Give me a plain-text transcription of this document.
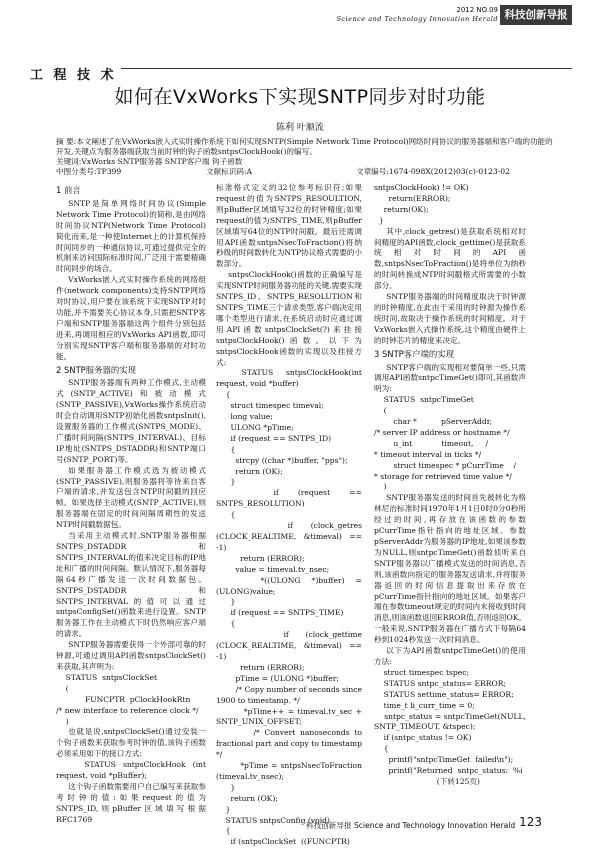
2012 NO.09
Science and Technology Innovation Herald 科技创新导报
工 程 技 术
如何在VxWorks下实现SNTP同步对时功能
陈利 叶顺流

摘 要:本文阐述了在VxWorks嵌入式实时操作系统下如何实现SNTP(Simple Network Time Protocol)网络时间协议的服务器端和客户端的功能的开发,关键点为服务器端获取当前时钟的钩子函数sntpsClockHook()的编写。

关键词:VxWorks SNTP服务器 SNTP客户端 钩子函数

中图分类号:TP399	文献标识码:A	文章编号:1674-098X(2012)03(c)-0123-02
1 前言

SNTP是简单网络时间协议(Simple Network Time Protocol)的简称,是由网络时间协议NTP(Network Time Protocol)简化而来,是一种使Internet上的计算机保持时间同步的一种通信协议,可通过提供完全的机制来访问国际标准时间,广泛用于需要精确时间同步的场合。

VxWorks嵌入式实时操作系统的网络组件(network components)支持SNTP网络对时协议,用户要在该系统下实现SNTP对时功能,并不需要关心协议本身,只需把SNTP客户端和SNTP服务器端这两个组件分别包括进来,再调用相应的VxWorks API函数,即可分别实现SNTP客户端和服务器端的对时功能。

2 SNTP服务器的实现

SNTP服务器端有两种工作模式,主动模式(SNTP_ACTIVE)和被动模式(SNTP_PASSIVE),VxWorks操作系统启动时会自动调用SNTP初始化函数sntpsInit(),设置服务器的工作模式(SNTPS_MODE)、广播时间间隔(SNTPS_INTERVAL)、目标IP地址(SNTPS_DSTADDR)和SNTP端口号(SNTP_PORT)等。

如果服务器工作模式选为被动模式(SNTP_PASSIVE),则服务器将等待来自客户端的请求,并发送包含NTP时间戳的回应帧。如果选择主动模式(SNTP_ACTIVE),则服务器端在固定的时间间隔周期性的发送NTP时间戳数据包。

当采用主动模式时,SNTP服务器根据SNTPS_DSTADDR和SNTPS_INTERVAL的值来决定目标的IP地址和广播的时间间隔。默认情况下,服务器每隔64秒广播发送一次时间数据包。SNTPS_DSTADDR和SNTPS_INTERVAL的值可以通过sntpsConfigSet()函数来进行设置。SNTP服务器工作在主动模式下时仍然响应客户端的请求。

SNTP服务器需要获得一个外部可靠的时钟源,可通过调用API函数sntpsClockSet()来获取,其声明为:

STATUS  sntpsClockSet
(
FUNCPTR  pClockHookRtn
/* new interface to reference clock */
)

也就是说,sntpsClockSet()通过安装一个钩子函数来获取参考时钟的值,该钩子函数必须采用如下的接口方式:

STATUS sntpsClockHook (int request, void *pBuffer);

这个钩子函数需要用户自己编写来获取参考时钟的值:如果request的值为SNTPS_ID,则pBuffer区域填写根据RFC1769

标准格式定义的32位参考标识符;如果request的值为SNTPS_RESOULTION,则pBuffer区域填写32位的时钟精度;如果request的值为SNTPS_TIME,则pBuffer区域填写64位的NTP时间戳。最后还需调用API函数sntpsNsecToFraction()将纳秒级的时间数转化为NTP协议格式需要的小数部分。

sntpsClockHook()函数的正确编写是实现SNTP时间服务器功能的关键,需要实现SNTPS_ID、SNTPS_RESOLUTION和SNTPS_TIME三个请求类型,客户端决定用哪个类型进行请求,在系统启动时应通过调用API函数sntpsClockSet(?)来挂接sntpsClockHook()函数。以下为sntpsClockHook函数的实现以及挂接方式:

STATUS  sntpsClockHook(int request, void *buffer)
{
struct timespec timeval;
long value;
ULONG *pTime;
if (request == SNTPS_ID)
{
strcpy ((char *)buffer, "pps");
return (OK);
}
if  (request  ==  SNTPS_RESOLUTION)
{
if  (clock_getres (CLOCK_REALTIME, &timeval) == -1)
return (ERROR);
value = timeval.tv_nsec;
*((ULONG  *)buffer)  = (ULONG)value;
}
if (request == SNTPS_TIME)
{
if  (clock_gettime (CLOCK_REALTIME, &timeval) == -1)
return (ERROR);
pTime = (ULONG *)buffer;
/* Copy number of seconds since 1900 to timestamp. */
*pTime++ = timeval.tv_sec + SNTP_UNIX_OFFSET;
/* Convert nanoseconds to fractional part and copy to timestamp */
*pTime = sntpsNsecToFraction (timeval.tv_nsec);
}
return (OK);
}
STATUS sntpsConfig (void)
{
if (sntpsClockSet  ((FUNCPTR)
sntpsClockHook) != OK)
return(ERROR);
return(OK);
}

其中,clock_getres()是获取系统相对时间精度的API函数,clock_gettime()是获取系统相对时间的API函数,sntpsNsecToFraction()是将单位为纳秒的时间转换成NTP时间戳格式所需要的小数部分。

SNTP服务器端的时间精度取决于时钟源的时钟精度,在此由于采用的时钟源为操作系统时间,故取决于操作系统的时间精度。对于VxWorks嵌入式操作系统,这个精度由硬件上的时钟芯片的精度来决定。

3 SNTP客户端的实现

SNTP客户端的实现相对要简单一些,只需调用API函数sntpcTimeGet()即可,其函数声明为:

STATUS  sntpcTimeGet
(
char *          pServerAddr,
/* server IP address or hostname */
u_int            timeout,     /
* timeout interval in ticks */
struct timespec * pCurrTime    /
* storage for retrieved time value */
)

SNTP服务器发送的时间首先被转化为格林尼治标准时间1970年1月1日0时0分0秒所经过的时间,再存放在该函数的参数pCurrTime指针指向的地址区域。参数pServerAddr为服务器的IP地址,如果该参数为NULL,则sntpcTimeGet()函数侦听来自SNTP服务器以广播模式发送的时间消息,否则,该函数向指定的服务器发送请求,并将服务器返回的时间信息提取出来存放在pCurrTime指针指向的地址区域。如果客户端在参数timeout规定的时间内未接收到时间消息,则该函数返回ERROR值,否则返回OK。一般来说,SNTP服务器在广播方式下每隔64秒到1024秒发送一次时间消息。

以下为API函数sntpcTimeGet()的使用方法:

struct timespec tspec;
STATUS sntpc_status= ERROR;
STATUS settime_status= ERROR;
time_t li_curr_time = 0;
sntpc_status = sntpcTimeGet(NULL, SNTP_TIMEOUT, &tspec);
if (sntpc_status != OK)
{
printf("sntpcTimeGet  failed\n");
printf("Returned  sntpc_status:  %i
(下转125页)
科技创新导报 Science and Technology Innovation Herald 123
